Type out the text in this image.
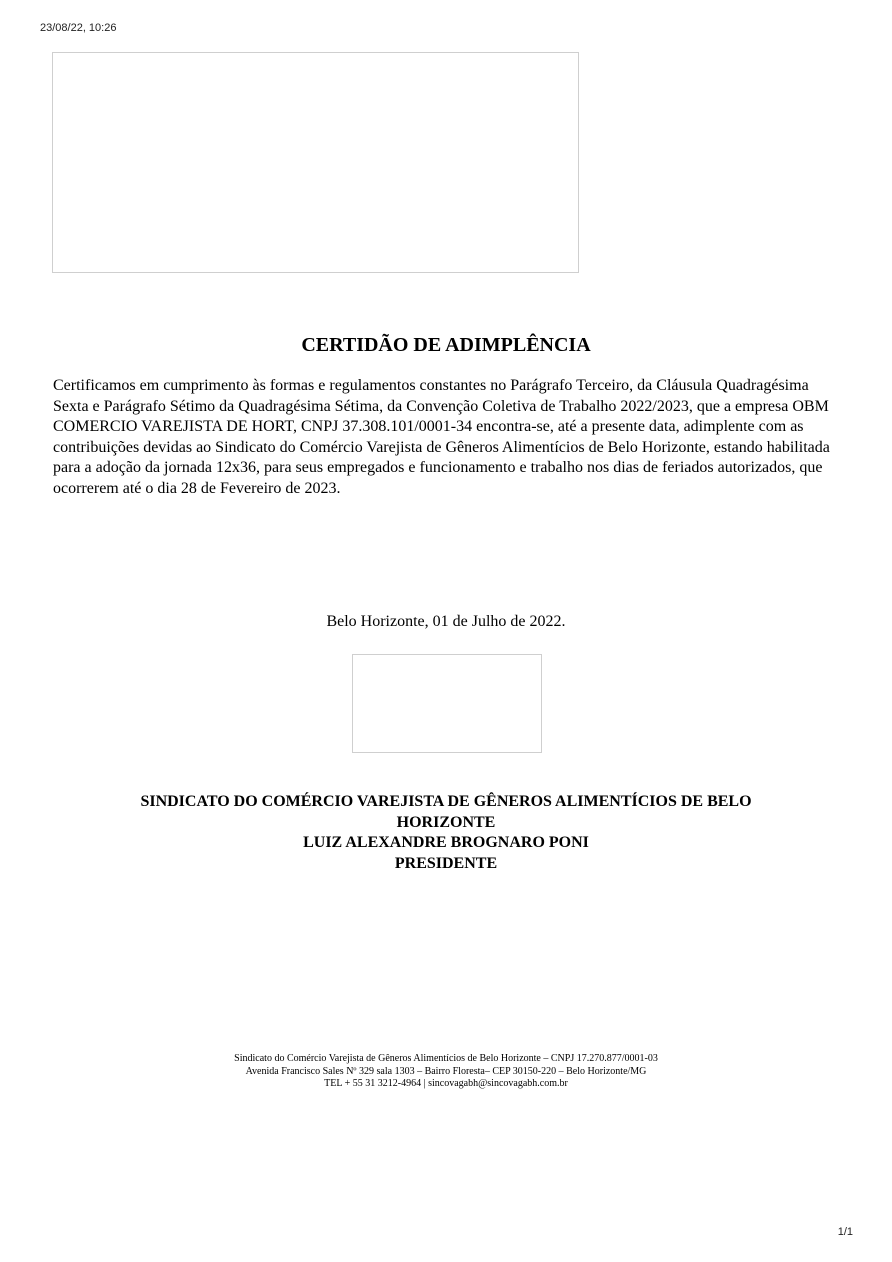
23/08/22, 10:26
CERTIDÃO DE ADIMPLÊNCIA

Certificamos em cumprimento às formas e regulamentos constantes no Parágrafo Terceiro, da Cláusula Quadragésima Sexta e Parágrafo Sétimo da Quadragésima Sétima, da Convenção Coletiva de Trabalho 2022/2023, que a empresa OBM COMERCIO VAREJISTA DE HORT, CNPJ 37.308.101/0001-34 encontra-se, até a presente data, adimplente com as contribuições devidas ao Sindicato do Comércio Varejista de Gêneros Alimentícios de Belo Horizonte, estando habilitada para a adoção da jornada 12x36, para seus empregados e funcionamento e trabalho nos dias de feriados autorizados, que ocorrerem até o dia 28 de Fevereiro de 2023.

Belo Horizonte, 01 de Julho de 2022.
SINDICATO DO COMÉRCIO VAREJISTA DE GÊNEROS ALIMENTÍCIOS DE BELO HORIZONTE
LUIZ ALEXANDRE BROGNARO PONI
PRESIDENTE
Sindicato do Comércio Varejista de Gêneros Alimentícios de Belo Horizonte – CNPJ 17.270.877/0001-03
Avenida Francisco Sales Nº 329 sala 1303 – Bairro Floresta– CEP 30150-220 – Belo Horizonte/MG
TEL + 55 31 3212-4964 | sincovagabh@sincovagabh.com.br
1/1
